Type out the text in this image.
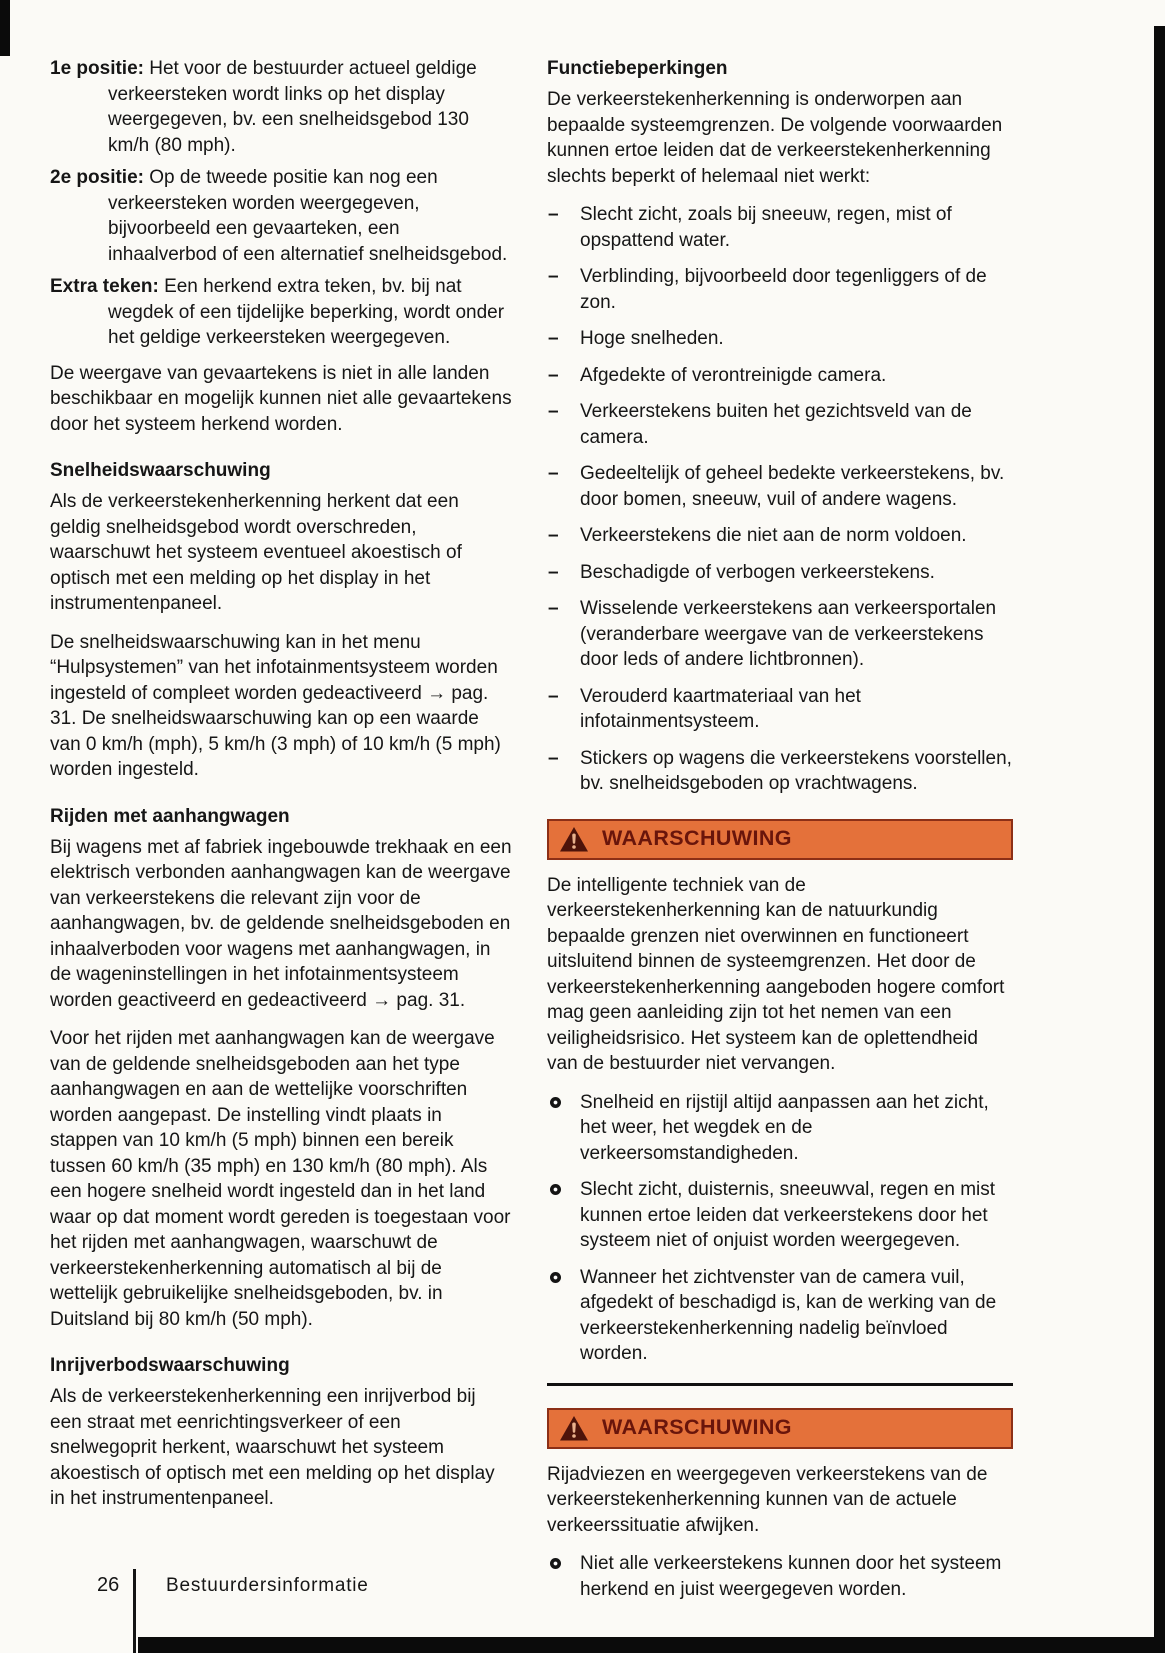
1e positie: Het voor de bestuurder actueel geldige verkeersteken wordt links op het display weergegeven, bv. een snelheidsgebod 130 km/h (80 mph).
2e positie: Op de tweede positie kan nog een verkeersteken worden weergegeven, bijvoorbeeld een gevaarteken, een inhaalverbod of een alternatief snelheidsgebod.
Extra teken: Een herkend extra teken, bv. bij nat wegdek of een tijdelijke beperking, wordt onder het geldige verkeersteken weergegeven.

De weergave van gevaartekens is niet in alle landen beschikbaar en mogelijk kunnen niet alle gevaartekens door het systeem herkend worden.

Snelheidswaarschuwing

Als de verkeerstekenherkenning herkent dat een geldig snelheidsgebod wordt overschreden, waarschuwt het systeem eventueel akoestisch of optisch met een melding op het display in het instrumentenpaneel.

De snelheidswaarschuwing kan in het menu “Hulpsystemen” van het infotainmentsysteem worden ingesteld of compleet worden gedeactiveerd → pag. 31. De snelheidswaarschuwing kan op een waarde van 0 km/h (mph), 5 km/h (3 mph) of 10 km/h (5 mph) worden ingesteld.

Rijden met aanhangwagen

Bij wagens met af fabriek ingebouwde trekhaak en een elektrisch verbonden aanhangwagen kan de weergave van verkeerstekens die relevant zijn voor de aanhangwagen, bv. de geldende snelheidsgeboden en inhaalverboden voor wagens met aanhangwagen, in de wageninstellingen in het infotainmentsysteem worden geactiveerd en gedeactiveerd → pag. 31.

Voor het rijden met aanhangwagen kan de weergave van de geldende snelheidsgeboden aan het type aanhangwagen en aan de wettelijke voorschriften worden aangepast. De instelling vindt plaats in stappen van 10 km/h (5 mph) binnen een bereik tussen 60 km/h (35 mph) en 130 km/h (80 mph). Als een hogere snelheid wordt ingesteld dan in het land waar op dat moment wordt gereden is toegestaan voor het rijden met aanhangwagen, waarschuwt de verkeerstekenherkenning automatisch al bij de wettelijk gebruikelijke snelheidsgeboden, bv. in Duitsland bij 80 km/h (50 mph).

Inrijverbodswaarschuwing

Als de verkeerstekenherkenning een inrijverbod bij een straat met eenrichtingsverkeer of een snelwegoprit herkent, waarschuwt het systeem akoestisch of optisch met een melding op het display in het instrumentenpaneel.

Functiebeperkingen

De verkeerstekenherkenning is onderworpen aan bepaalde systeemgrenzen. De volgende voorwaarden kunnen ertoe leiden dat de verkeerstekenherkenning slechts beperkt of helemaal niet werkt:

– Slecht zicht, zoals bij sneeuw, regen, mist of opspattend water.
– Verblinding, bijvoorbeeld door tegenliggers of de zon.
– Hoge snelheden.
– Afgedekte of verontreinigde camera.
– Verkeerstekens buiten het gezichtsveld van de camera.
– Gedeeltelijk of geheel bedekte verkeerstekens, bv. door bomen, sneeuw, vuil of andere wagens.
– Verkeerstekens die niet aan de norm voldoen.
– Beschadigde of verbogen verkeerstekens.
– Wisselende verkeerstekens aan verkeersportalen (veranderbare weergave van de verkeerstekens door leds of andere lichtbronnen).
– Verouderd kaartmateriaal van het infotainmentsysteem.
– Stickers op wagens die verkeerstekens voorstellen, bv. snelheidsgeboden op vrachtwagens.
WAARSCHUWING

De intelligente techniek van de verkeerstekenherkenning kan de natuurkundig bepaalde grenzen niet overwinnen en functioneert uitsluitend binnen de systeemgrenzen. Het door de verkeerstekenherkenning aangeboden hogere comfort mag geen aanleiding zijn tot het nemen van een veiligheidsrisico. Het systeem kan de oplettendheid van de bestuurder niet vervangen.

Snelheid en rijstijl altijd aanpassen aan het zicht, het weer, het wegdek en de verkeersomstandigheden.
Slecht zicht, duisternis, sneeuwval, regen en mist kunnen ertoe leiden dat verkeerstekens door het systeem niet of onjuist worden weergegeven.
Wanneer het zichtvenster van de camera vuil, afgedekt of beschadigd is, kan de werking van de verkeerstekenherkenning nadelig beïnvloed worden.
WAARSCHUWING

Rijadviezen en weergegeven verkeerstekens van de verkeerstekenherkenning kunnen van de actuele verkeerssituatie afwijken.

Niet alle verkeerstekens kunnen door het systeem herkend en juist weergegeven worden.
26 Bestuurdersinformatie
